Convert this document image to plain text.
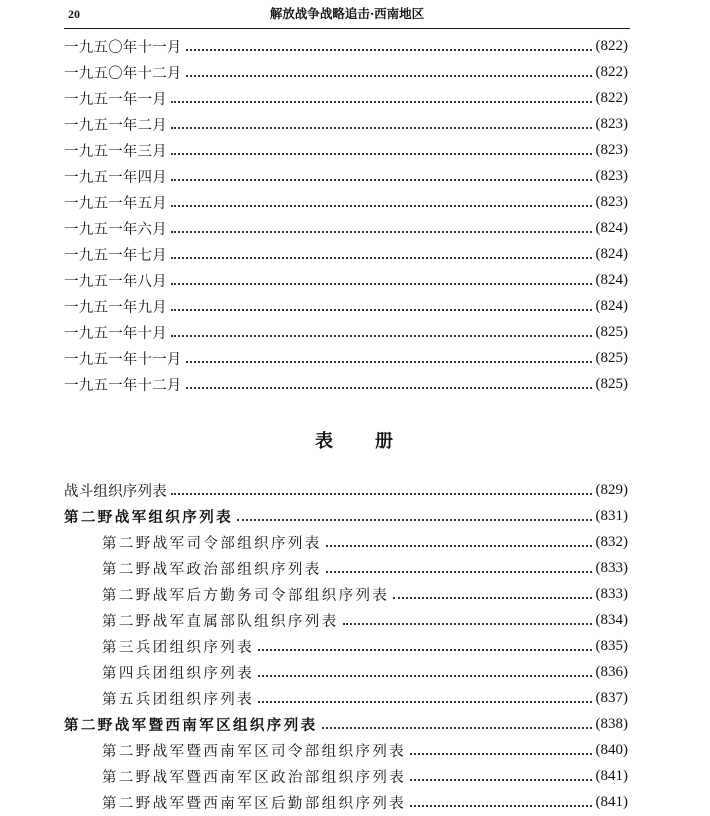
20	解放战争战略追击·西南地区
一九五〇年十一月	(822)
一九五〇年十二月	(822)
一九五一年一月	(822)
一九五一年二月	(823)
一九五一年三月	(823)
一九五一年四月	(823)
一九五一年五月	(823)
一九五一年六月	(824)
一九五一年七月	(824)
一九五一年八月	(824)
一九五一年九月	(824)
一九五一年十月	(825)
一九五一年十一月	(825)
一九五一年十二月	(825)
表 册
战斗组织序列表	(829)
第二野战军组织序列表	(831)
第二野战军司令部组织序列表	(832)
第二野战军政治部组织序列表	(833)
第二野战军后方勤务司令部组织序列表	(833)
第二野战军直属部队组织序列表	(834)
第三兵团组织序列表	(835)
第四兵团组织序列表	(836)
第五兵团组织序列表	(837)
第二野战军暨西南军区组织序列表	(838)
第二野战军暨西南军区司令部组织序列表	(840)
第二野战军暨西南军区政治部组织序列表	(841)
第二野战军暨西南军区后勤部组织序列表	(841)
